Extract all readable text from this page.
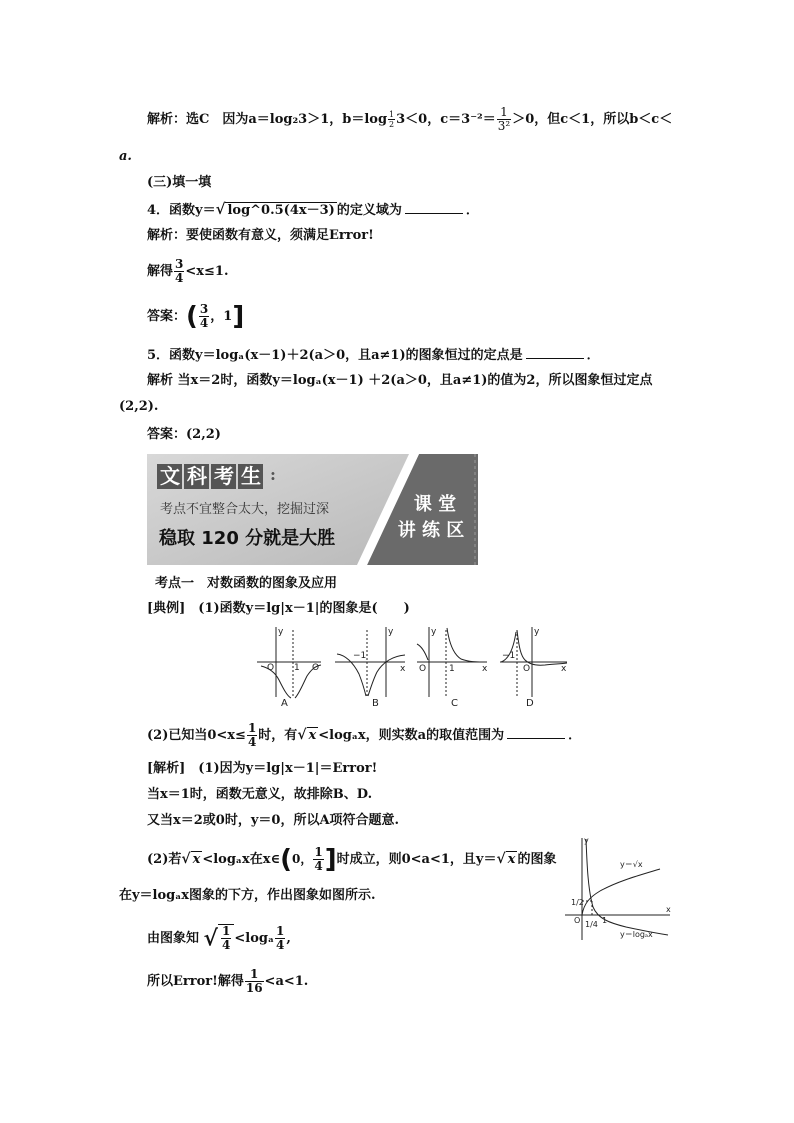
解析：选C　因为a＝log₂3＞1，$b=\log \frac{1}{2} 3<0$，$c=3^{-2}= \frac{1}{\text{3²}} >0$，但c＜1，所以b＜c＜
a.
(三)填一填
4．函数y＝√ log^0.5(4x－3) 的定义域为	．
解析：要使函数有意义，须满足Error!
解得 $\frac{3}{4} <x\le 1$.
答案：( $\frac{3}{4}$ ，1]
5．函数y＝logₐ(x－1)＋2(a＞0，且a≠1)的图象恒过的定点是	．
解析 当x＝2时，函数y＝logₐ(x－1) ＋2(a＞0，且a≠1)的值为2，所以图象恒过定点
(2,2).
答案：(2,2)
文科考生 :
考点不宜整合太大，挖掘过深
稳取 120 分就是大胜
课 堂
讲 练 区
考点一　对数函数的图象及应用
[典例]　(1)函数y＝lg|x－1|的图象是(　　)
O 1 O
y
A
−1
y
x
B
O	1
y
x
C
−1
O
y
x
D
(2)已知当$0<x\le \frac{1}{4}$ 时，有√ x <logₐx，则实数a的取值范围为	．
[解析]　(1)因为y＝lg|x－1|＝Error!
当x＝1时，函数无意义，故排除B、D.
又当x＝2或0时，y＝0，所以A项符合题意.
(2)若√ x <logₐx在x∈(0， $\frac{1}{4}$ ]时成立，则0<a<1，且y＝√ x 的图象
在y＝logₐx图象的下方，作出图象如图所示.
由图象知 √ $\frac{1}{4} <\log_a \frac{1}{4}$ ,
所以Error!解得 $\frac{1}{16} <a<1$.
y
x
O	1
1/2
1/4
y＝√x
y＝logₐx
